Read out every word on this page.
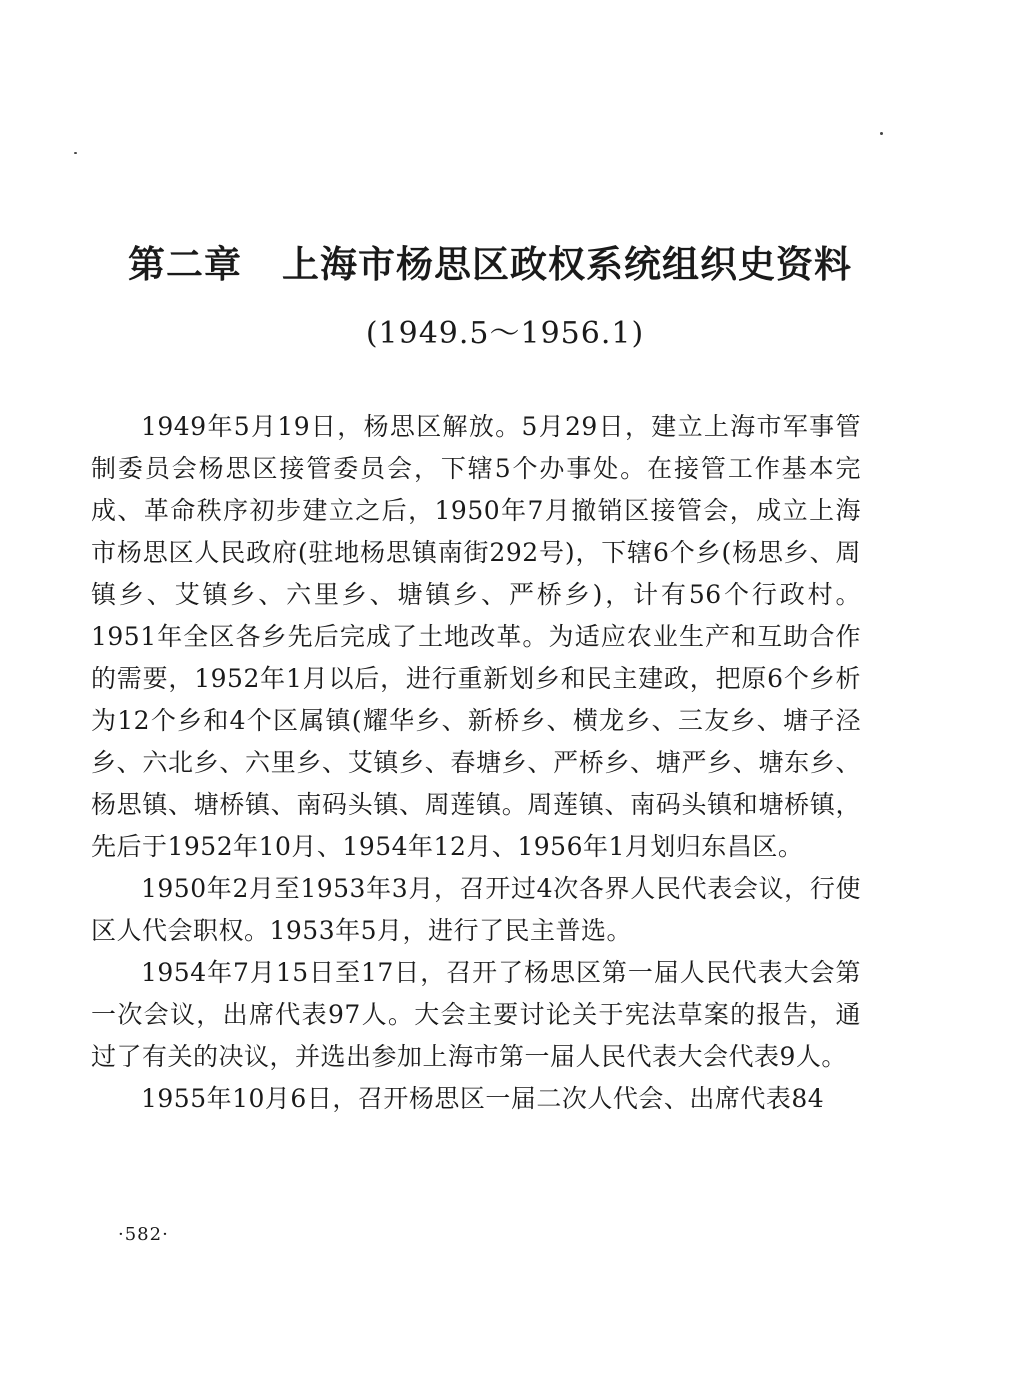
第二章 上海市杨思区政权系统组织史资料
(1949.5～1956.1)

1949年5月19日，杨思区解放。5月29日，建立上海市军事管制委员会杨思区接管委员会，下辖5个办事处。在接管工作基本完成、革命秩序初步建立之后，1950年7月撤销区接管会，成立上海市杨思区人民政府(驻地杨思镇南街292号)，下辖6个乡(杨思乡、周镇乡、艾镇乡、六里乡、塘镇乡、严桥乡)，计有56个行政村。1951年全区各乡先后完成了土地改革。为适应农业生产和互助合作的需要，1952年1月以后，进行重新划乡和民主建政，把原6个乡析为12个乡和4个区属镇(耀华乡、新桥乡、横龙乡、三友乡、塘子泾乡、六北乡、六里乡、艾镇乡、春塘乡、严桥乡、塘严乡、塘东乡、杨思镇、塘桥镇、南码头镇、周莲镇。周莲镇、南码头镇和塘桥镇，先后于1952年10月、1954年12月、1956年1月划归东昌区。

1950年2月至1953年3月，召开过4次各界人民代表会议，行使区人代会职权。1953年5月，进行了民主普选。

1954年7月15日至17日，召开了杨思区第一届人民代表大会第一次会议，出席代表97人。大会主要讨论关于宪法草案的报告，通过了有关的决议，并选出参加上海市第一届人民代表大会代表9人。

1955年10月6日，召开杨思区一届二次人代会、出席代表84

·582·
